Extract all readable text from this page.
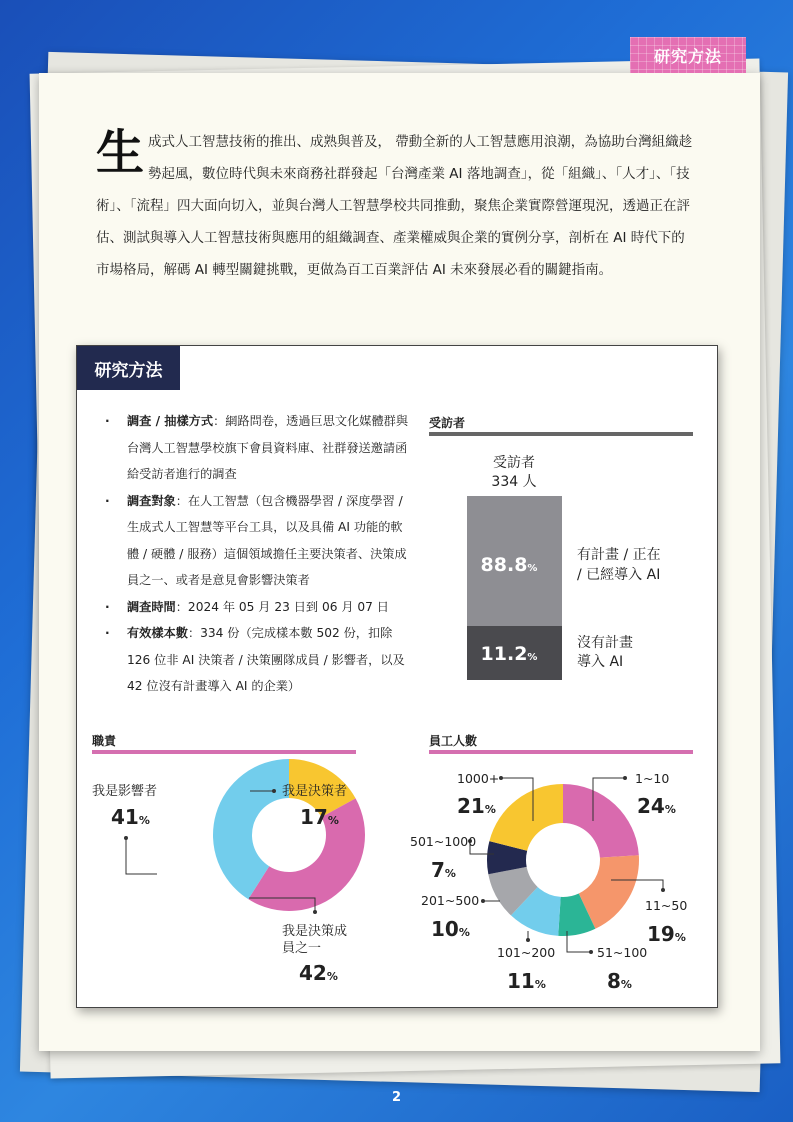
研究方法
生成式人工智慧技術的推出、成熟與普及， 帶動全新的人工智慧應用浪潮，為協助台灣組織趁勢起風，數位時代與未來商務社群發起「台灣產業 AI 落地調查」，從「組織」、「人才」、「技術」、「流程」四大面向切入，並與台灣人工智慧學校共同推動，聚焦企業實際營運現況，透過正在評估、測試與導入人工智慧技術與應用的組織調查、產業權威與企業的實例分享，剖析在 AI 時代下的市場格局，解碼 AI 轉型關鍵挑戰，更做為百工百業評估 AI 未來發展必看的關鍵指南。
研究方法
· 調查 / 抽樣方式：網路問卷，透過巨思文化媒體群與台灣人工智慧學校旗下會員資料庫、社群發送邀請函給受訪者進行的調查
· 調查對象：在人工智慧（包含機器學習 / 深度學習 / 生成式人工智慧等平台工具，以及具備 AI 功能的軟體 / 硬體 / 服務）這個領域擔任主要決策者、決策成員之一、或者是意見會影響決策者
· 調查時間：2024 年 05 月 23 日到 06 月 07 日
· 有效樣本數：334 份（完成樣本數 502 份，扣除 126 位非 AI 決策者 / 決策團隊成員 / 影響者，以及 42 位沒有計畫導入 AI 的企業）
受訪者
受訪者
334 人
88.8%
11.2%
有計畫 / 正在
/ 已經導入 AI
沒有計畫
導入 AI
職責
我是決策者
17%
我是決策成
員之一
42%
我是影響者
41%
員工人數
1~10
24%
11~50
19%
51~100
8%
101~200
11%
201~500
10%
501~1000
7%
1000+
21%
2
